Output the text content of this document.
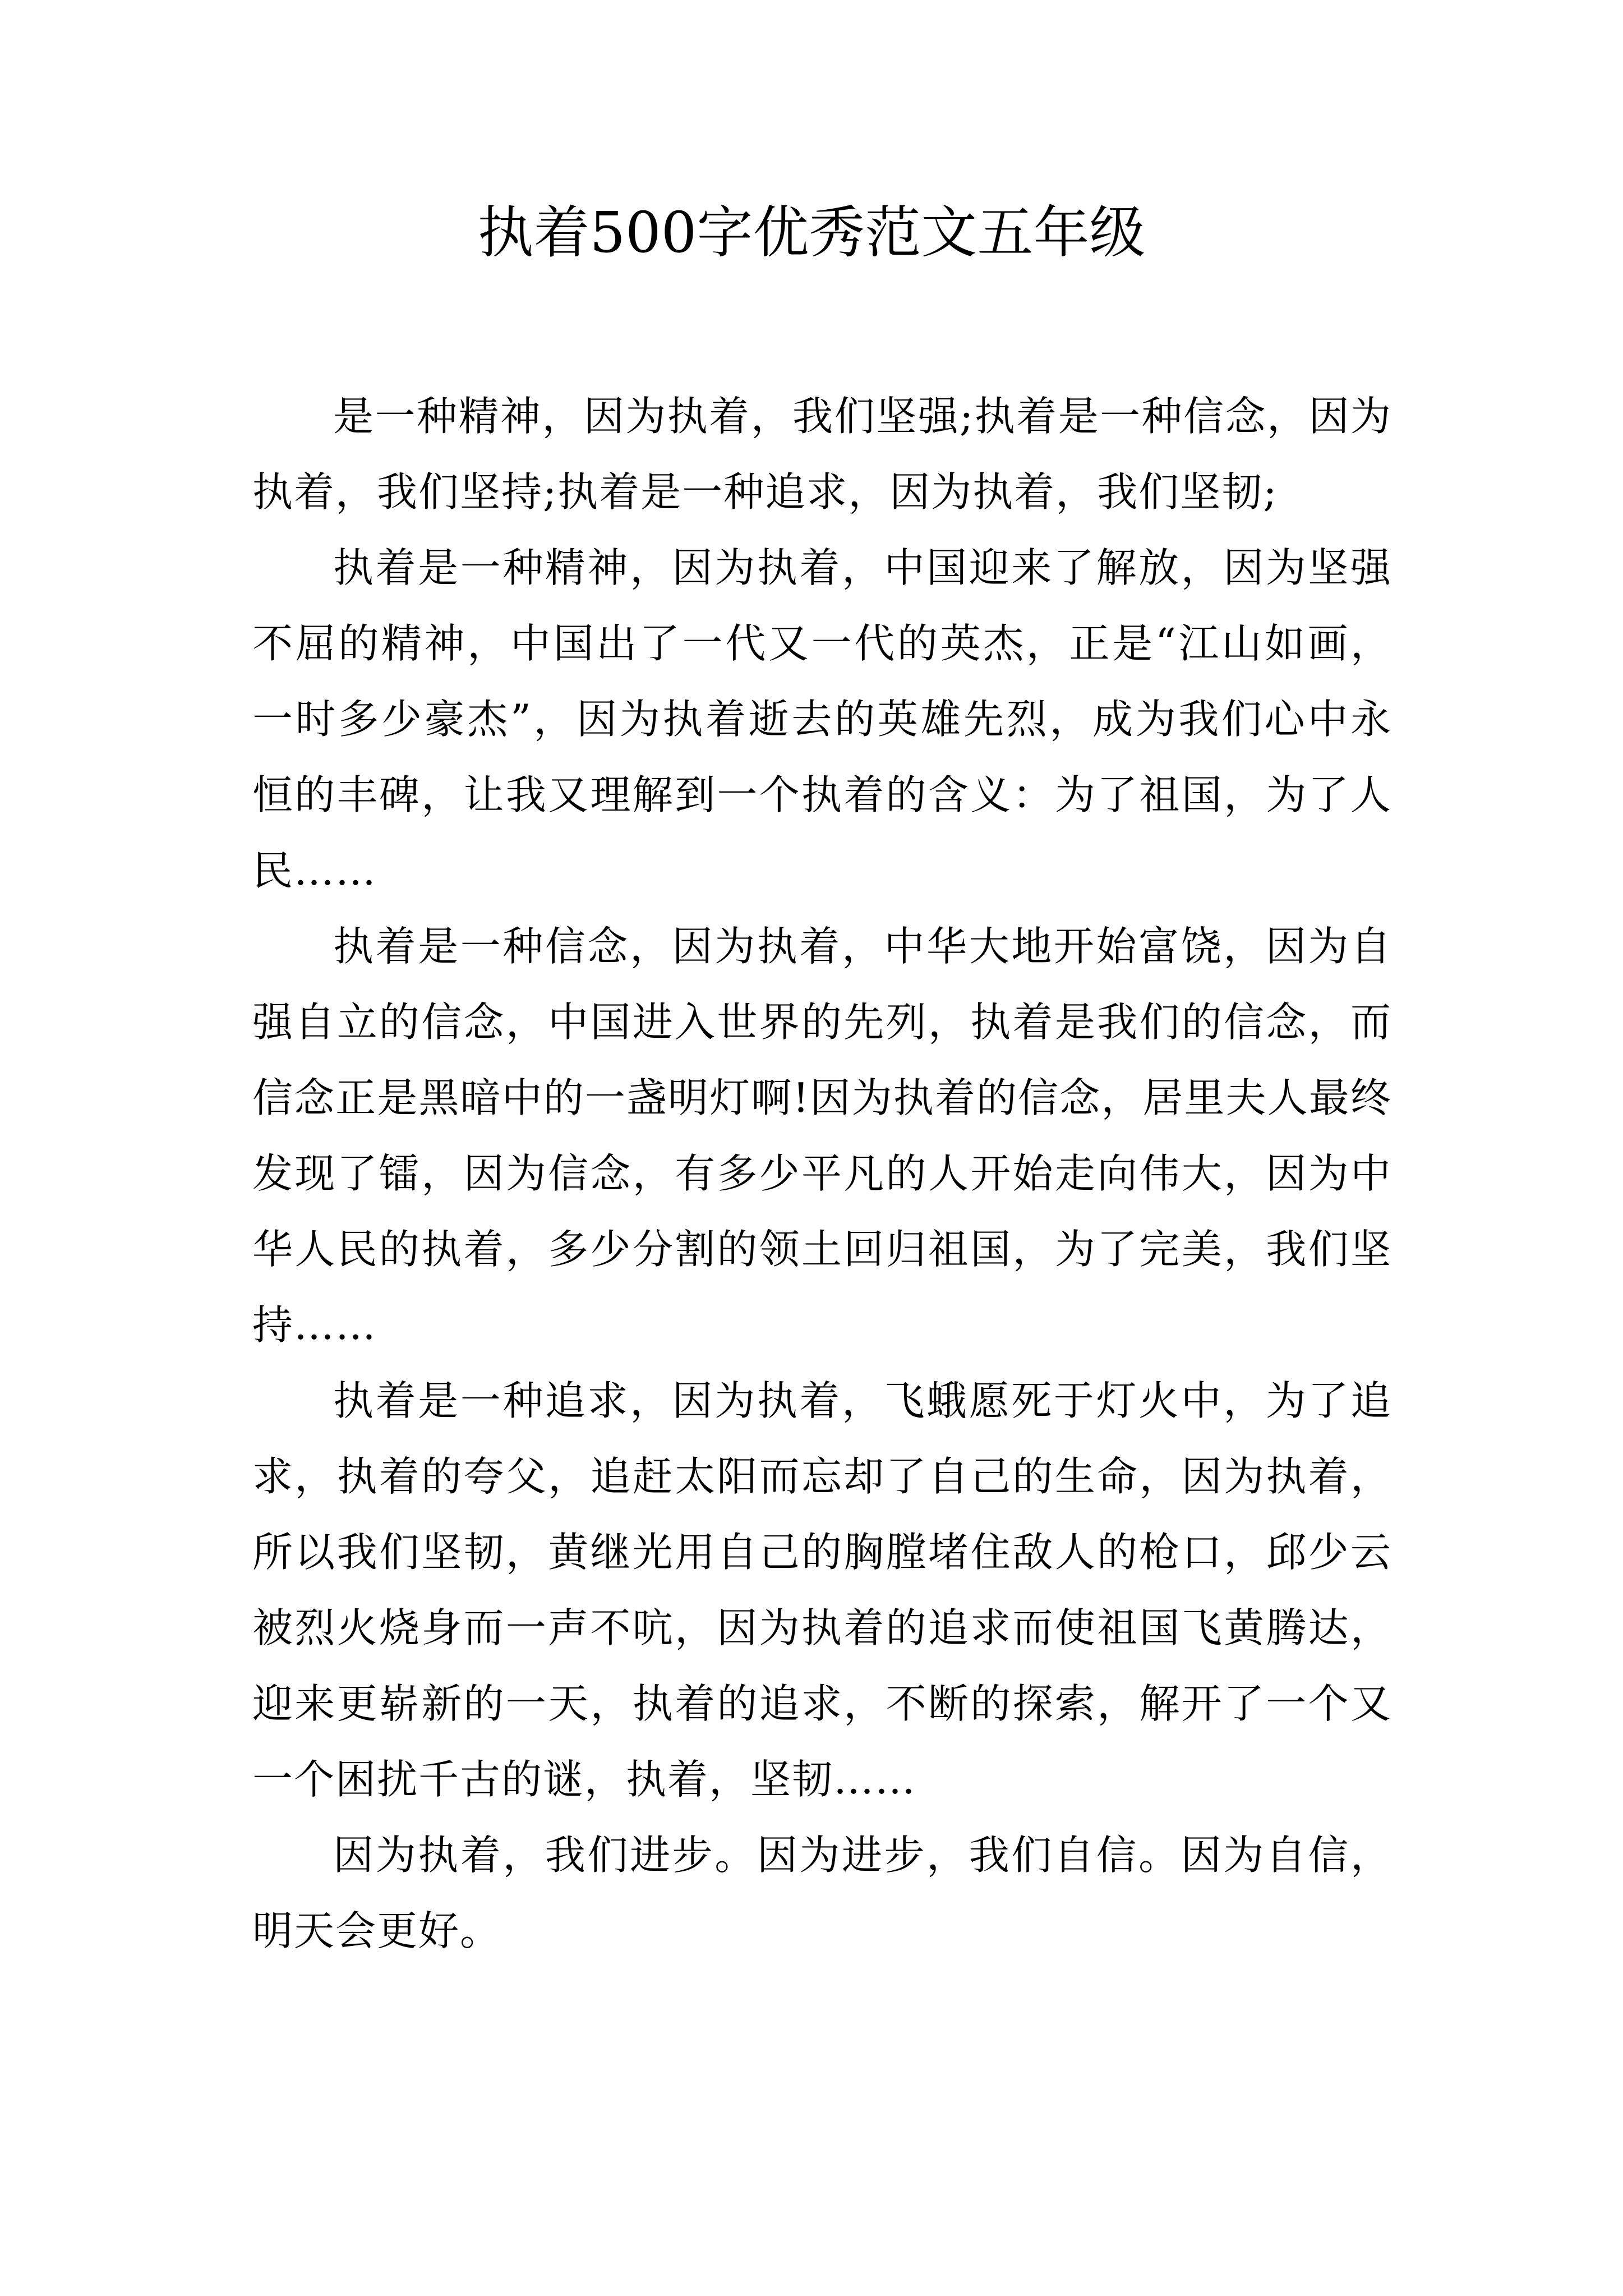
执着500字优秀范文五年级

是一种精神，因为执着，我们坚强;执着是一种信念，因为执着，我们坚持;执着是一种追求，因为执着，我们坚韧;

执着是一种精神，因为执着，中国迎来了解放，因为坚强不屈的精神，中国出了一代又一代的英杰，正是“江山如画，一时多少豪杰”，因为执着逝去的英雄先烈，成为我们心中永恒的丰碑，让我又理解到一个执着的含义：为了祖国，为了人民……

执着是一种信念，因为执着，中华大地开始富饶，因为自强自立的信念，中国进入世界的先列，执着是我们的信念，而信念正是黑暗中的一盏明灯啊!因为执着的信念，居里夫人最终发现了镭，因为信念，有多少平凡的人开始走向伟大，因为中华人民的执着，多少分割的领土回归祖国，为了完美，我们坚持……

执着是一种追求，因为执着，飞蛾愿死于灯火中，为了追求，执着的夸父，追赶太阳而忘却了自己的生命，因为执着，所以我们坚韧，黄继光用自己的胸膛堵住敌人的枪口，邱少云被烈火烧身而一声不吭，因为执着的追求而使祖国飞黄腾达，迎来更崭新的一天，执着的追求，不断的探索，解开了一个又一个困扰千古的谜，执着，坚韧……

因为执着，我们进步。因为进步，我们自信。因为自信，明天会更好。
